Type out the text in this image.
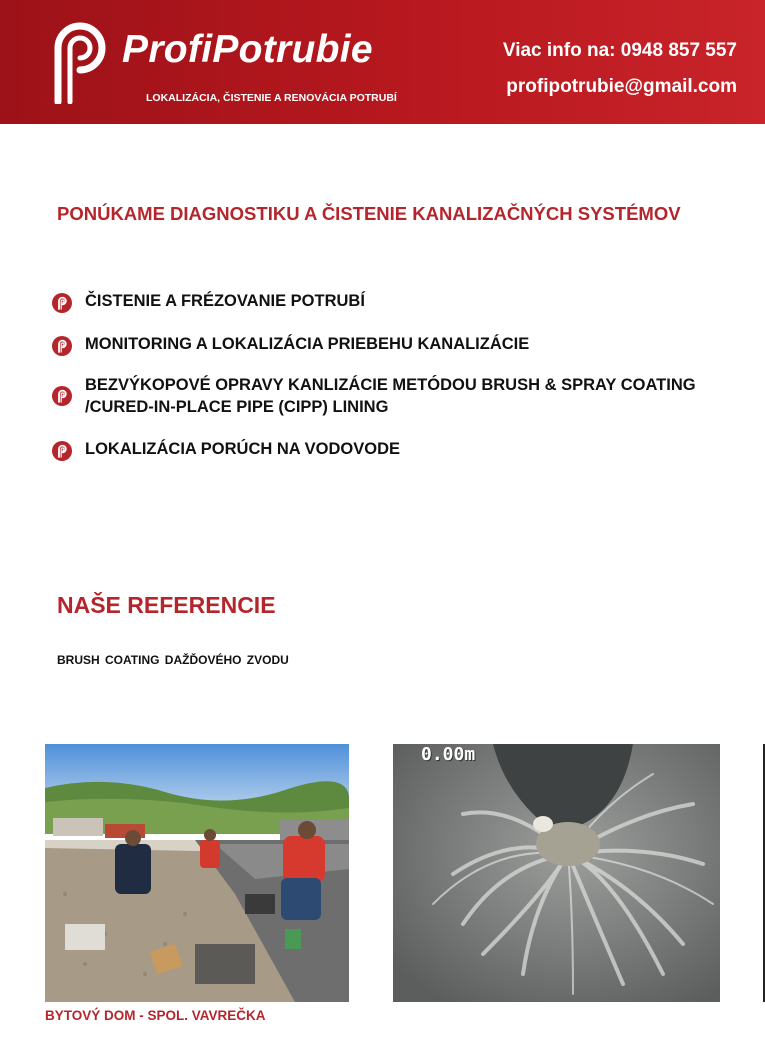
ProfiPotrubie
LOKALIZÁCIA, ČISTENIE A RENOVÁCIA POTRUBÍ
Viac info na: 0948 857 557
profipotrubie@gmail.com
PONÚKAME DIAGNOSTIKU A ČISTENIE KANALIZAČNÝCH SYSTÉMOV
ČISTENIE A FRÉZOVANIE POTRUBÍ
MONITORING A LOKALIZÁCIA PRIEBEHU KANALIZÁCIE
BEZVÝKOPOVÉ OPRAVY KANLIZÁCIE METÓDOU BRUSH & SPRAY COATING /CURED-IN-PLACE PIPE (CIPP) LINING
LOKALIZÁCIA PORÚCH NA VODOVODE
NAŠE REFERENCIE
BRUSH COATING DAŽĎOVÉHO ZVODU
0.00m
BYTOVÝ DOM - SPOL. VAVREČKA
